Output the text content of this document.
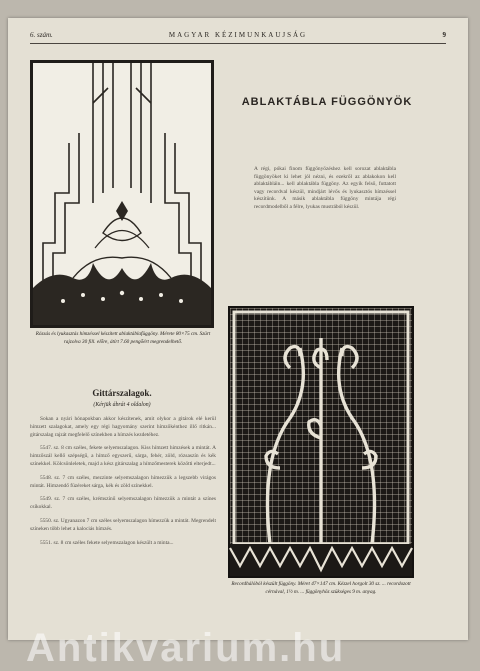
6. szám.	MAGYAR KÉZIMUNKAUJSÁG	9
Rózsás és lyukasztás hímzéssel készített ablaktáblafüggöny. Mérete 80×75 cm. Szürt rajzolva 30 fill. előre, átírt 7.60 pengőért megrendelhető.
ABLAKTÁBLA FÜGGÖNYÖK
A régi, pókai finom függönyözéshez kell sorozat ablaktábla függönyöket ki lehet jól nézni, és ezekről az ablakokon kell ablaktábláin... kell ablaktábla függöny. Az egyik felső, futtatott vagy recordval készül, mindjárt lévős és lyukasztós hímzéssel készítünk. A másik ablaktábla függöny mintája régi recordmodelből a félre, lyukas mustrából készül.
Recordhálóból készült függöny. Méret 47×147 cm. Kézzel horgolt 30 sz. ... recordozott cérnával, 1½ m. ... függönyhöz szükséges 9 m. anyag.
Gittárszalagok.
(Kérjük ábrát 4 oldalon)

Sokan a nyári hónapokban akkor készítenek, amit olykor a gitárok elé kerül hímzett szalagokat, amely egy régi hagyomány szerint hímzőkénthez illő ritkán... gitárszalag rajzát megfelelő színekben a hímzés kezdetéhez.

5547. sz. 8 cm széles, fekete selyemszalagon. Kiss hímzett himzések a mintát. A himzőszál kellő szépségű, a hímző egyszerű, sárga, fehér, zöld, rózsaszín és kék színekkel. Kölcsönleletek, majd a kész gitárszalag a hímzőmesterek közötti elterjedt...

5548. sz. 7 cm széles, mezzinte selyemszalagon hímezzük a legszebb virágos mintát. Himzendő füzéreket sárga, kék és zöld színekkel.

5549. sz. 7 cm széles, krémszínű selyemszalagon hímezzük a mintát a színes csíkokkal.

5550. sz. Ugyanazon 7 cm széles selyemszalagon hímezzük a mintát. Megrendelt színeken több lehet a kalociás hímzés.

5551. sz. 8 cm széles fekete selyemszalagon készült a minta...

Antikvarium.hu
